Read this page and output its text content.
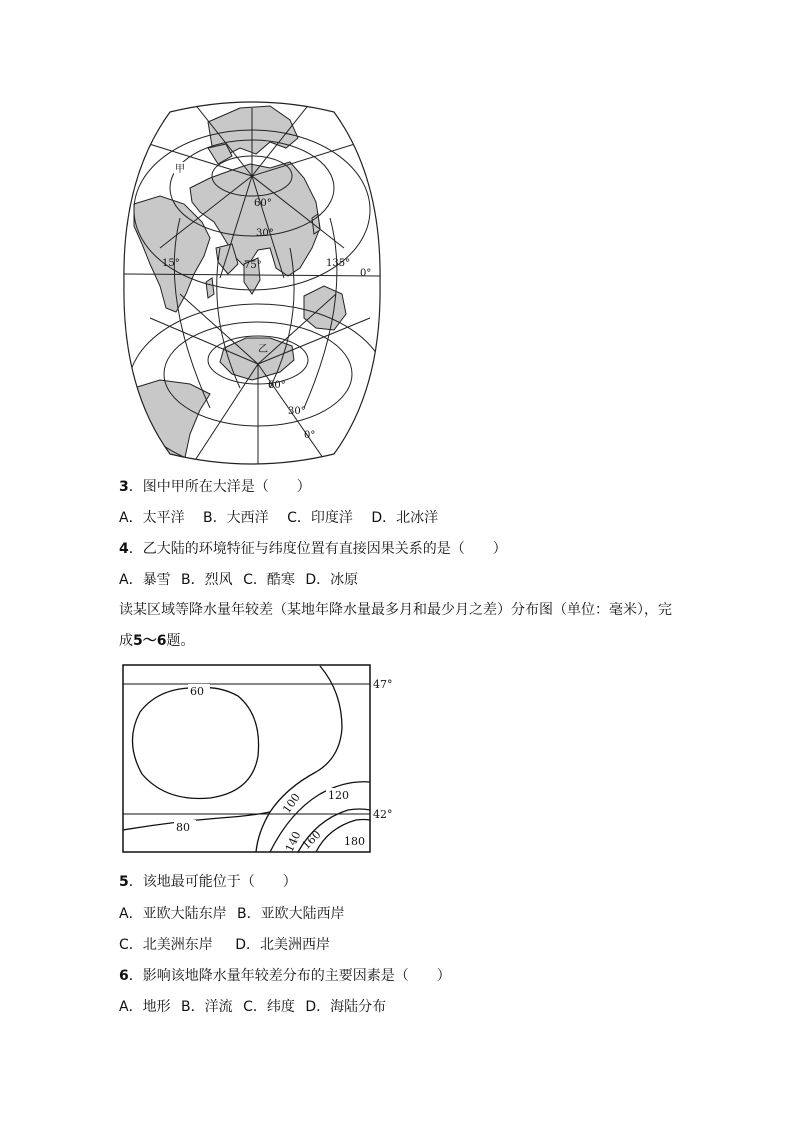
甲
60°
30°
15°	75°	135°
0°
乙
60°
30°
0°
3．图中甲所在大洋是（　　）
A．太平洋 B．大西洋 C．印度洋 D．北冰洋
4．乙大陆的环境特征与纬度位置有直接因果关系的是（　　）
A．暴雪 B．烈风 C．酷寒 D．冰原
读某区域等降水量年较差（某地年降水量最多月和最少月之差）分布图（单位：毫米），完
成5～6题。
60
80
100 120
140
160 180
47°
42°
5．该地最可能位于（　　）
A．亚欧大陆东岸 B．亚欧大陆西岸
C．北美洲东岸 D．北美洲西岸
6．影响该地降水量年较差分布的主要因素是（　　）
A．地形 B．洋流 C．纬度 D．海陆分布
